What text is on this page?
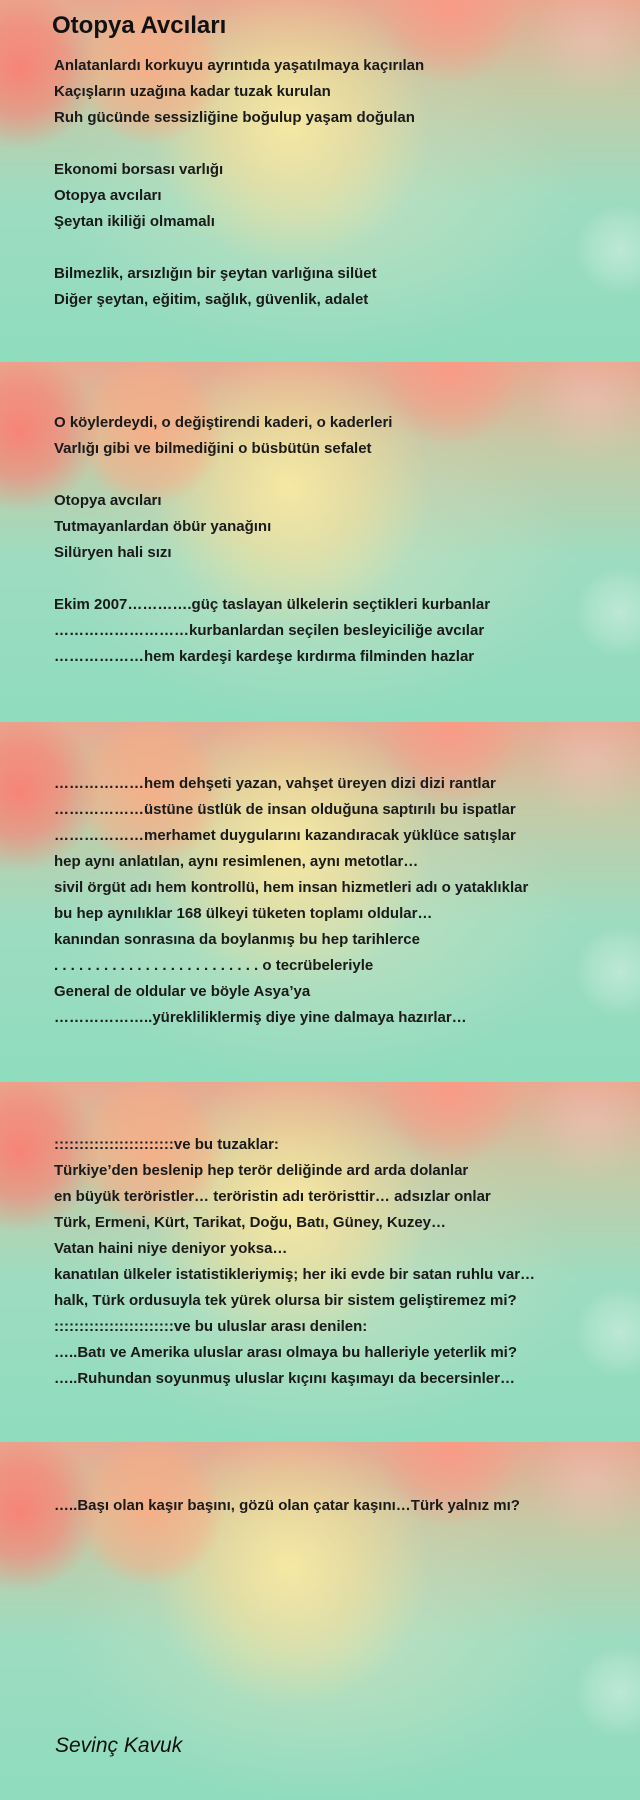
Otopya Avcıları
Anlatanlardı korkuyu ayrıntıda yaşatılmaya kaçırılan
Kaçışların uzağına kadar tuzak kurulan
Ruh gücünde sessizliğine boğulup yaşam doğulan
Ekonomi borsası varlığı
Otopya avcıları
Şeytan ikiliği olmamalı
Bilmezlik, arsızlığın bir şeytan varlığına silüet
Diğer şeytan, eğitim, sağlık, güvenlik, adalet
O köylerdeydi, o değiştirendi kaderi, o kaderleri
Varlığı gibi ve bilmediğini o büsbütün sefalet
Otopya avcıları
Tutmayanlardan öbür yanağını
Silüryen hali sızı
Ekim 2007………….güç taslayan ülkelerin seçtikleri kurbanlar
………………………kurbanlardan seçilen besleyiciliğe avcılar
………………hem kardeşi kardeşe kırdırma filminden hazlar
………………hem dehşeti yazan, vahşet üreyen dizi dizi rantlar
………………üstüne üstlük de insan olduğuna saptırılı bu ispatlar
………………merhamet duygularını kazandıracak yüklüce satışlar
hep aynı anlatılan, aynı resimlenen, aynı metotlar…
sivil örgüt adı hem kontrollü, hem insan hizmetleri adı o yataklıklar
bu hep aynılıklar 168 ülkeyi tüketen toplamı oldular…
kanından sonrasına da boylanmış bu hep tarihlerce
. . . . . . . . . . . . . . . . . . . . . . . . . o tecrübeleriyle
General de oldular ve böyle Asya’ya
………………..yürekliliklermiş diye yine dalmaya hazırlar…
::::::::::::::::::::::::ve bu tuzaklar:
Türkiye’den beslenip hep terör deliğinde ard arda dolanlar
en büyük teröristler… teröristin adı teröristtir… adsızlar onlar
Türk, Ermeni, Kürt, Tarikat, Doğu, Batı, Güney, Kuzey…
Vatan haini niye deniyor yoksa…
kanatılan ülkeler istatistikleriymiş; her iki evde bir satan ruhlu var…
halk, Türk ordusuyla tek yürek olursa bir sistem geliştiremez mi?
::::::::::::::::::::::::ve bu uluslar arası denilen:
…..Batı ve Amerika uluslar arası olmaya bu halleriyle yeterlik mi?
…..Ruhundan soyunmuş uluslar kıçını kaşımayı da becersinler…
…..Başı olan kaşır başını, gözü olan çatar kaşını…Türk yalnız mı?
Sevinç Kavuk
